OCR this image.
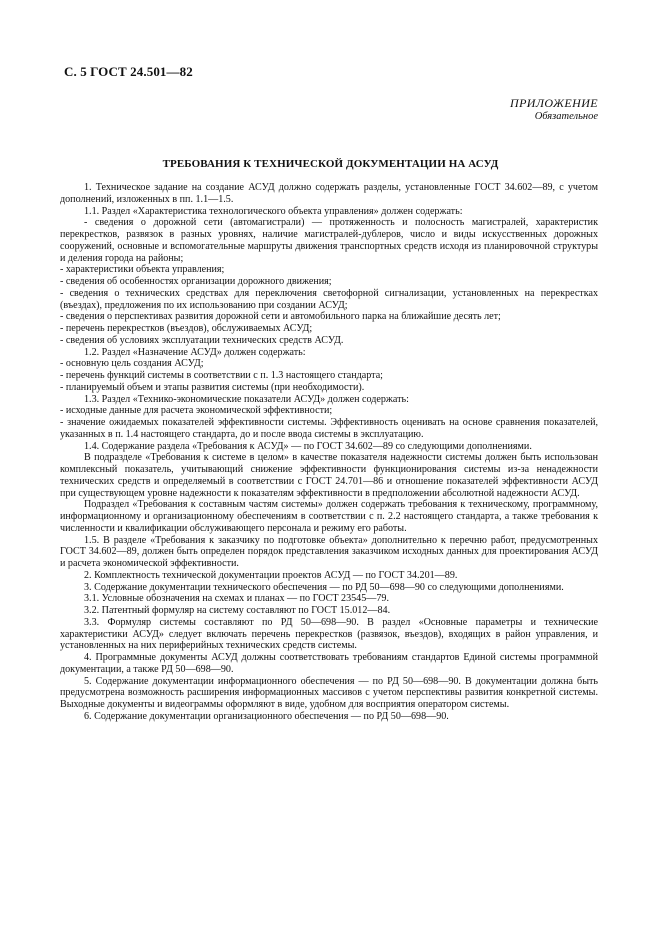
С. 5 ГОСТ 24.501—82
ПРИЛОЖЕНИЕ
Обязательное
ТРЕБОВАНИЯ К ТЕХНИЧЕСКОЙ ДОКУМЕНТАЦИИ НА АСУД

1. Техническое задание на создание АСУД должно содержать разделы, установленные ГОСТ 34.602—89, с учетом дополнений, изложенных в пп. 1.1—1.5.

1.1. Раздел «Характеристика технологического объекта управления» должен содержать:

- сведения о дорожной сети (автомагистрали) — протяженность и полосность магистралей, характеристик перекрестков, развязок в разных уровнях, наличие магистралей-дублеров, число и виды искусственных дорожных сооружений, основные и вспомогательные маршруты движения транспортных средств исходя из планировочной структуры и деления города на районы;

- характеристики объекта управления;

- сведения об особенностях организации дорожного движения;

- сведения о технических средствах для переключения светофорной сигнализации, установленных на перекрестках (въездах), предложения по их использованию при создании АСУД;

- сведения о перспективах развития дорожной сети и автомобильного парка на ближайшие десять лет;

- перечень перекрестков (въездов), обслуживаемых АСУД;

- сведения об условиях эксплуатации технических средств АСУД.

1.2. Раздел «Назначение АСУД» должен содержать:

- основную цель создания АСУД;

- перечень функций системы в соответствии с п. 1.3 настоящего стандарта;

- планируемый объем и этапы развития системы (при необходимости).

1.3. Раздел «Технико-экономические показатели АСУД» должен содержать:

- исходные данные для расчета экономической эффективности;

- значение ожидаемых показателей эффективности системы. Эффективность оценивать на основе сравнения показателей, указанных в п. 1.4 настоящего стандарта, до и после ввода системы в эксплуатацию.

1.4. Содержание раздела «Требования к АСУД» — по ГОСТ 34.602—89 со следующими дополнениями.

В подразделе «Требования к системе в целом» в качестве показателя надежности системы должен быть использован комплексный показатель, учитывающий снижение эффективности функционирования системы из-за ненадежности технических средств и определяемый в соответствии с ГОСТ 24.701—86 и отношение показателей эффективности АСУД при существующем уровне надежности к показателям эффективности в предположении абсолютной надежности АСУД.

Подраздел «Требования к составным частям системы» должен содержать требования к техническому, программному, информационному и организационному обеспечениям в соответствии с п. 2.2 настоящего стандарта, а также требования к численности и квалификации обслуживающего персонала и режиму его работы.

1.5. В разделе «Требования к заказчику по подготовке объекта» дополнительно к перечню работ, предусмотренных ГОСТ 34.602—89, должен быть определен порядок представления заказчиком исходных данных для проектирования АСУД и расчета экономической эффективности.

2. Комплектность технической документации проектов АСУД — по ГОСТ 34.201—89.

3. Содержание документации технического обеспечения — по РД 50—698—90 со следующими дополнениями.

3.1. Условные обозначения на схемах и планах — по ГОСТ 23545—79.

3.2. Патентный формуляр на систему составляют по ГОСТ 15.012—84.

3.3. Формуляр системы составляют по РД 50—698—90. В раздел «Основные параметры и технические характеристики АСУД» следует включать перечень перекрестков (развязок, въездов), входящих в район управления, и установленных на них периферийных технических средств системы.

4. Программные документы АСУД должны соответствовать требованиям стандартов Единой системы программной документации, а также РД 50—698—90.

5. Содержание документации информационного обеспечения — по РД 50—698—90. В документации должна быть предусмотрена возможность расширения информационных массивов с учетом перспективы развития конкретной системы. Выходные документы и видеограммы оформляют в виде, удобном для восприятия оператором системы.

6. Содержание документации организационного обеспечения — по РД 50—698—90.
